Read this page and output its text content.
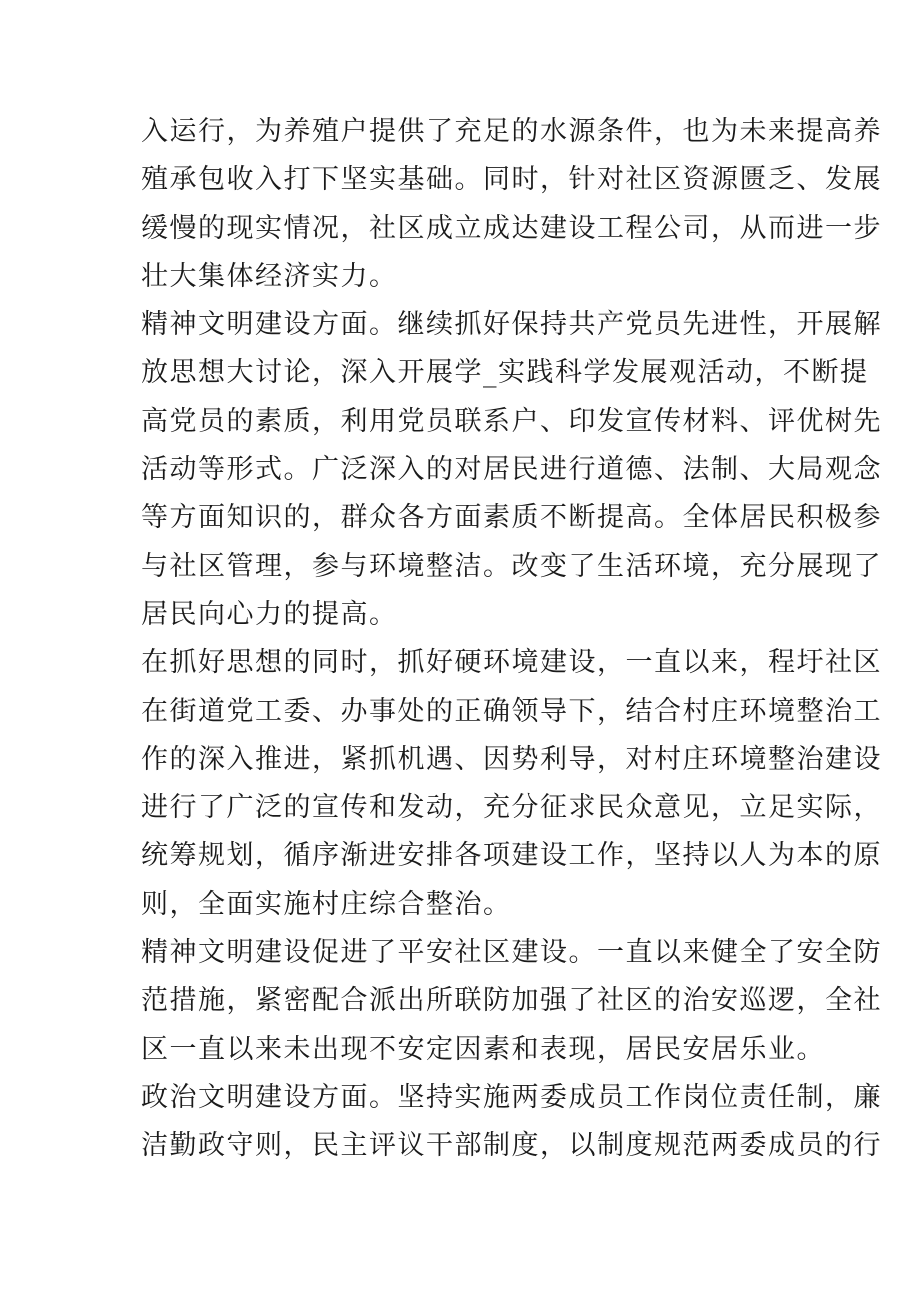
入运行，为养殖户提供了充足的水源条件，也为未来提高养
殖承包收入打下坚实基础。同时，针对社区资源匮乏、发展
缓慢的现实情况，社区成立成达建设工程公司，从而进一步
壮大集体经济实力。
精神文明建设方面。继续抓好保持共产党员先进性，开展解
放思想大讨论，深入开展学_实践科学发展观活动，不断提
高党员的素质，利用党员联系户、印发宣传材料、评优树先
活动等形式。广泛深入的对居民进行道德、法制、大局观念
等方面知识的，群众各方面素质不断提高。全体居民积极参
与社区管理，参与环境整洁。改变了生活环境，充分展现了
居民向心力的提高。
在抓好思想的同时，抓好硬环境建设，一直以来，程圩社区
在街道党工委、办事处的正确领导下，结合村庄环境整治工
作的深入推进，紧抓机遇、因势利导，对村庄环境整治建设
进行了广泛的宣传和发动，充分征求民众意见，立足实际，
统筹规划，循序渐进安排各项建设工作，坚持以人为本的原
则，全面实施村庄综合整治。
精神文明建设促进了平安社区建设。一直以来健全了安全防
范措施，紧密配合派出所联防加强了社区的治安巡逻，全社
区一直以来未出现不安定因素和表现，居民安居乐业。
政治文明建设方面。坚持实施两委成员工作岗位责任制，廉
洁勤政守则，民主评议干部制度，以制度规范两委成员的行
